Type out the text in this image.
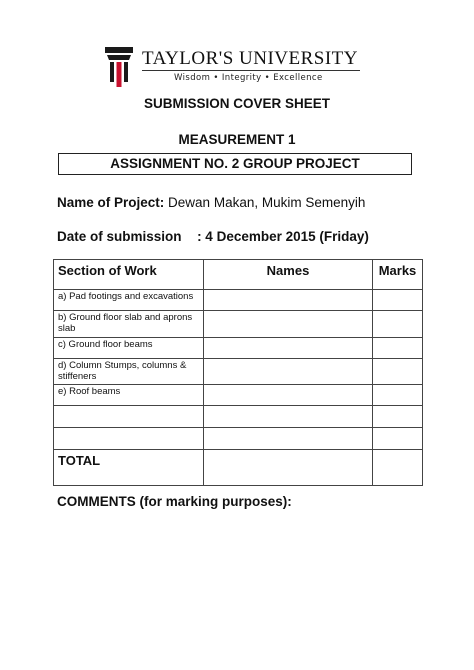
TAYLOR'S UNIVERSITY
Wisdom • Integrity • Excellence
SUBMISSION COVER SHEET
MEASUREMENT 1
ASSIGNMENT NO. 2 GROUP PROJECT
Name of Project: Dewan Makan, Mukim Semenyih
Date of submission : 4 December 2015 (Friday)
Section of Work	Names	Marks
a) Pad footings and excavations		
b) Ground floor slab and aprons slab		
c) Ground floor beams		
d) Column Stumps, columns & stiffeners		
e) Roof beams		

TOTAL		
COMMENTS (for marking purposes):
